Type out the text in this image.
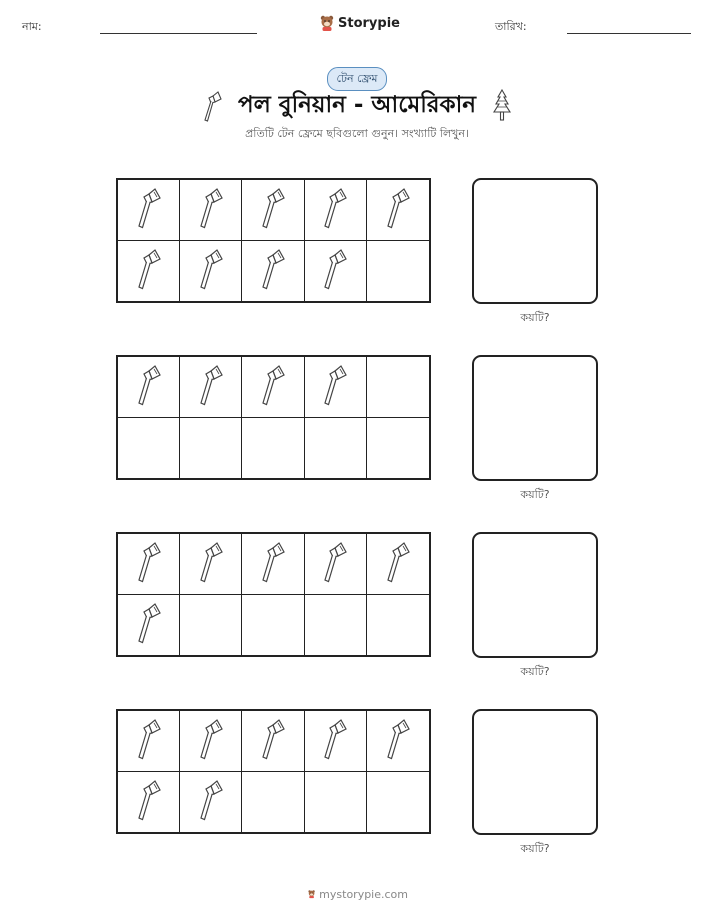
নাম:	Storypie	তারিখ:
টেন ফ্রেম
পল বুনিয়ান - আমেরিকান
প্রতিটি টেন ফ্রেমে ছবিগুলো গুনুন। সংখ্যাটি লিখুন।
কয়টি?
কয়টি?
কয়টি?
কয়টি?
mystorypie.com
